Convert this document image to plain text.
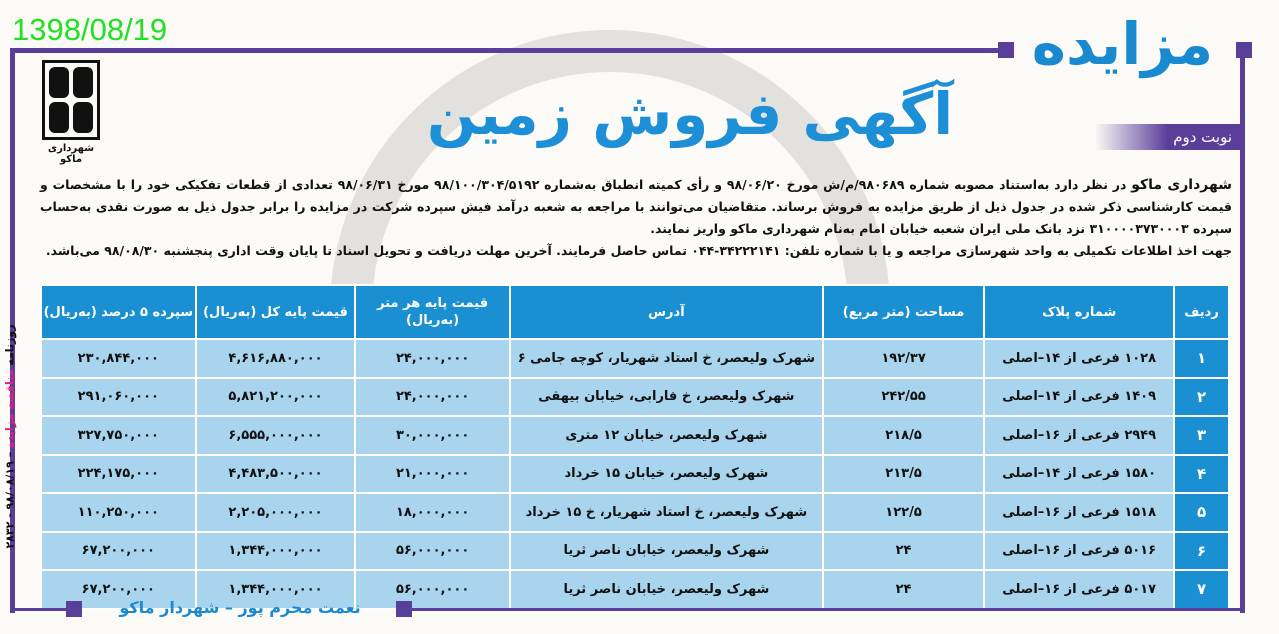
1398/08/19	مزایده
نوبت دوم
آگهی فروش زمین
شهرداری ماکو
شهرداری ماکو در نظر دارد به‌استناد مصوبه شماره ۹۸۰۶۸۹/م/ش مورخ ۹۸/۰۶/۲۰ و رأی کمیته انطباق به‌شماره ۹۸/۱۰۰/۳۰۴/۵۱۹۲ مورخ ۹۸/۰۶/۳۱ تعدادی از قطعات تفکیکی خود را با مشخصات و قیمت کارشناسی ذکر شده در جدول ذیل از طریق مزایده به فروش برساند. متقاضیان می‌توانند با مراجعه به شعبه درآمد فیش سپرده شرکت در مزایده را برابر جدول ذیل به صورت نقدی به‌حساب سپرده ۳۱۰۰۰۰۳۷۳۰۰۰۳ نزد بانک ملی ایران شعبه خیابان امام به‌نام شهرداری ماکو واریز نمایند.
جهت اخذ اطلاعات تکمیلی به واحد شهرسازی مراجعه و یا با شماره تلفن: ۳۴۲۲۲۱۴۱-۰۴۴ تماس حاصل فرمایند. آخرین مهلت دریافت و تحویل اسناد تا پایان وقت اداری پنجشنبه ۹۸/۰۸/۳۰ می‌باشد.
ردیف	شماره پلاک	مساحت (متر مربع)	آدرس	قیمت پایه هر متر (به‌ریال)	قیمت پایه کل (به‌ریال)	سپرده ۵ درصد (به‌ریال)
۱	۱۰۲۸ فرعی از ۱۴–اصلی	۱۹۲/۳۷	شهرک ولیعصر، خ استاد شهریار، کوچه جامی ۶	۲۴,۰۰۰,۰۰۰	۴,۶۱۶,۸۸۰,۰۰۰	۲۳۰,۸۴۴,۰۰۰
۲	۱۴۰۹ فرعی از ۱۴–اصلی	۲۴۲/۵۵	شهرک ولیعصر، خ فارابی، خیابان بیهقی	۲۴,۰۰۰,۰۰۰	۵,۸۲۱,۲۰۰,۰۰۰	۲۹۱,۰۶۰,۰۰۰
۳	۲۹۴۹ فرعی از ۱۶–اصلی	۲۱۸/۵	شهرک ولیعصر، خیابان ۱۲ متری	۳۰,۰۰۰,۰۰۰	۶,۵۵۵,۰۰۰,۰۰۰	۳۲۷,۷۵۰,۰۰۰
۴	۱۵۸۰ فرعی از ۱۴–اصلی	۲۱۳/۵	شهرک ولیعصر، خیابان ۱۵ خرداد	۲۱,۰۰۰,۰۰۰	۴,۴۸۳,۵۰۰,۰۰۰	۲۲۴,۱۷۵,۰۰۰
۵	۱۵۱۸ فرعی از ۱۶–اصلی	۱۲۲/۵	شهرک ولیعصر، خ استاد شهریار، خ ۱۵ خرداد	۱۸,۰۰۰,۰۰۰	۲,۲۰۵,۰۰۰,۰۰۰	۱۱۰,۲۵۰,۰۰۰
۶	۵۰۱۶ فرعی از ۱۶–اصلی	۲۴	شهرک ولیعصر، خیابان ناصر ثریا	۵۶,۰۰۰,۰۰۰	۱,۳۴۴,۰۰۰,۰۰۰	۶۷,۲۰۰,۰۰۰
۷	۵۰۱۷ فرعی از ۱۶–اصلی	۲۴	شهرک ولیعصر، خیابان ناصر ثریا	۵۶,۰۰۰,۰۰۰	۱,۳۴۴,۰۰۰,۰۰۰	۶۷,۲۰۰,۰۰۰
روزنامه مناقصه مزایده – ۹۸/۰۸/۱۹ - ۲۸۳۲
نعمت محرم پور – شهردار ماکو
